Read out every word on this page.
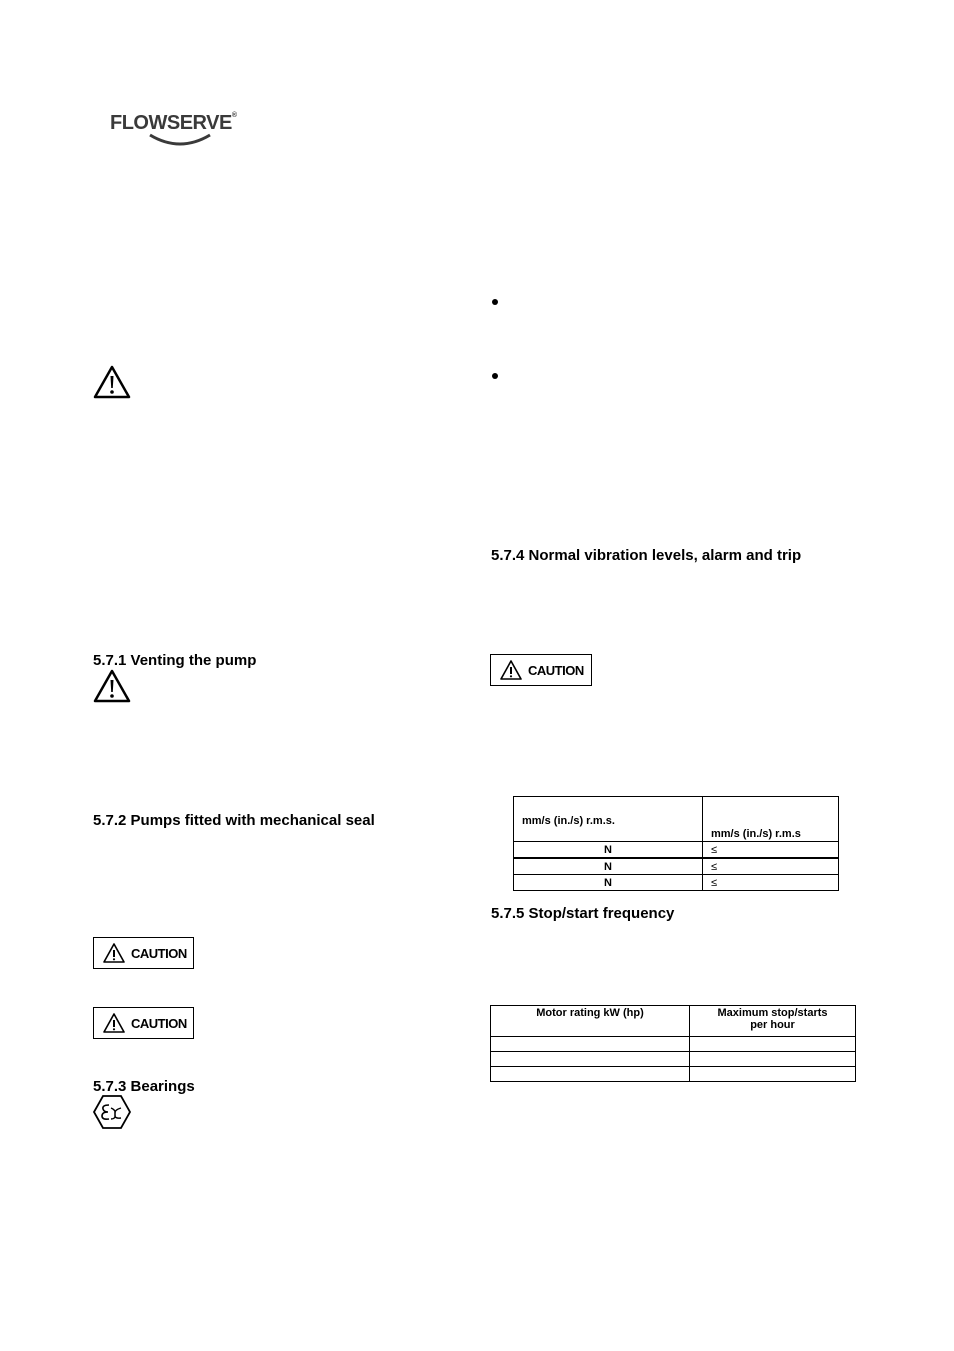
FLOWSERVE®
5.7.1 Venting the pump
5.7.2 Pumps fitted with mechanical seal
CAUTION
CAUTION
5.7.3 Bearings
5.7.4 Normal vibration levels, alarm and trip
CAUTION
mm/s (in./s) r.m.s.	mm/s (in./s) r.m.s
N	≤
N	≤
N	≤
5.7.5 Stop/start frequency
Motor rating kW (hp)	Maximum stop/starts
per hour
